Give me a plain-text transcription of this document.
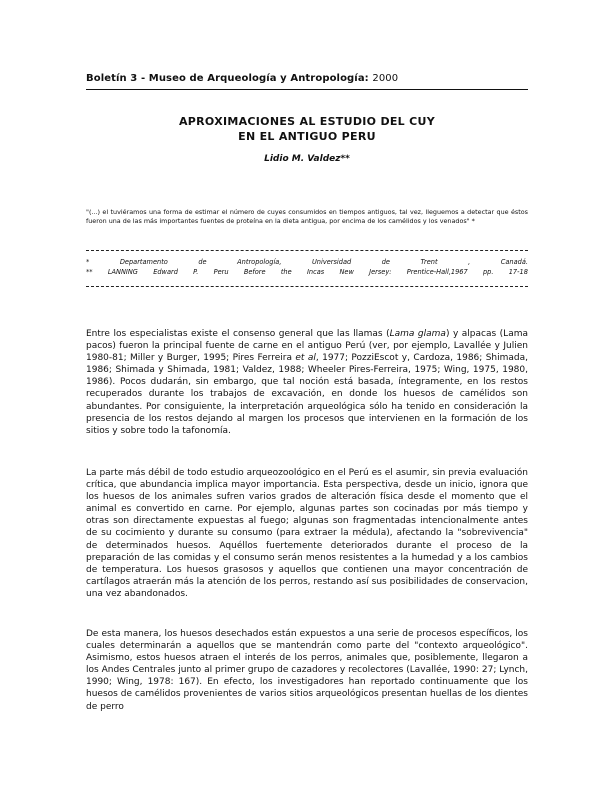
Boletín 3 - Museo de Arqueología y Antropología: 2000
APROXIMACIONES AL ESTUDIO DEL CUY
EN EL ANTIGUO PERU
Lidio M. Valdez**
"(...) el tuviéramos una forma de estimar el número de cuyes consumidos en tiempos antiguos, tal vez, lleguemos a detectar que éstos fueron una de las más importantes fuentes de proteína en la dieta antigua, por encima de los camélidos y los venados" *
*	Departamento	de	Antropología,	Universidad	de	Trent	,	Canadá.
** LANNING Edward P. Peru Before the Incas New Jersey: Prentice-Hall,1967 pp. 17-18

Entre los especialistas existe el consenso general que las llamas (Lama glama) y alpacas (Lama pacos) fueron la principal fuente de carne en el antiguo Perú (ver, por ejemplo, Lavallée y Julien 1980-81; Miller y Burger, 1995; Pires Ferreira et al, 1977; PozziEscot y, Cardoza, 1986; Shimada, 1986; Shimada y Shimada, 1981; Valdez, 1988; Wheeler Pires-Ferreira, 1975; Wing, 1975, 1980, 1986). Pocos dudarán, sin embargo, que tal noción está basada, íntegramente, en los restos recuperados durante los trabajos de excavación, en donde los huesos de camélidos son abundantes. Por consiguiente, la interpretación arqueológica sólo ha tenido en consideración la presencia de los restos dejando al margen los procesos que intervienen en la formación de los sitios y sobre todo la tafonomía.

La parte más débil de todo estudio arqueozoológico en el Perú es el asumir, sin previa evaluación crítica, que abundancia implica mayor importancia. Esta perspectiva, desde un inicio, ignora que los huesos de los animales sufren varios grados de alteración física desde el momento que el animal es convertido en carne. Por ejemplo, algunas partes son cocinadas por más tiempo y otras son directamente expuestas al fuego; algunas son fragmentadas intencionalmente antes de su cocimiento y durante su consumo (para extraer la médula), afectando la "sobrevivencia" de determinados huesos. Aquéllos fuertemente deteriorados durante el proceso de la preparación de las comidas y el consumo serán menos resistentes a la humedad y a los cambios de temperatura. Los huesos grasosos y aquellos que contienen una mayor concentración de cartílagos atraerán más la atención de los perros, restando así sus posibilidades de conservacion, una vez abandonados.

De esta manera, los huesos desechados están expuestos a una serie de procesos específicos, los cuales determinarán a aquellos que se mantendrán como parte del "contexto arqueológico". Asimismo, estos huesos atraen el interés de los perros, animales que, posiblemente, llegaron a los Andes Centrales junto al primer grupo de cazadores y recolectores (Lavallée, 1990: 27; Lynch, 1990; Wing, 1978: 167). En efecto, los investigadores han reportado continuamente que los huesos de camélidos provenientes de varios sitios arqueológicos presentan huellas de los dientes de perro
